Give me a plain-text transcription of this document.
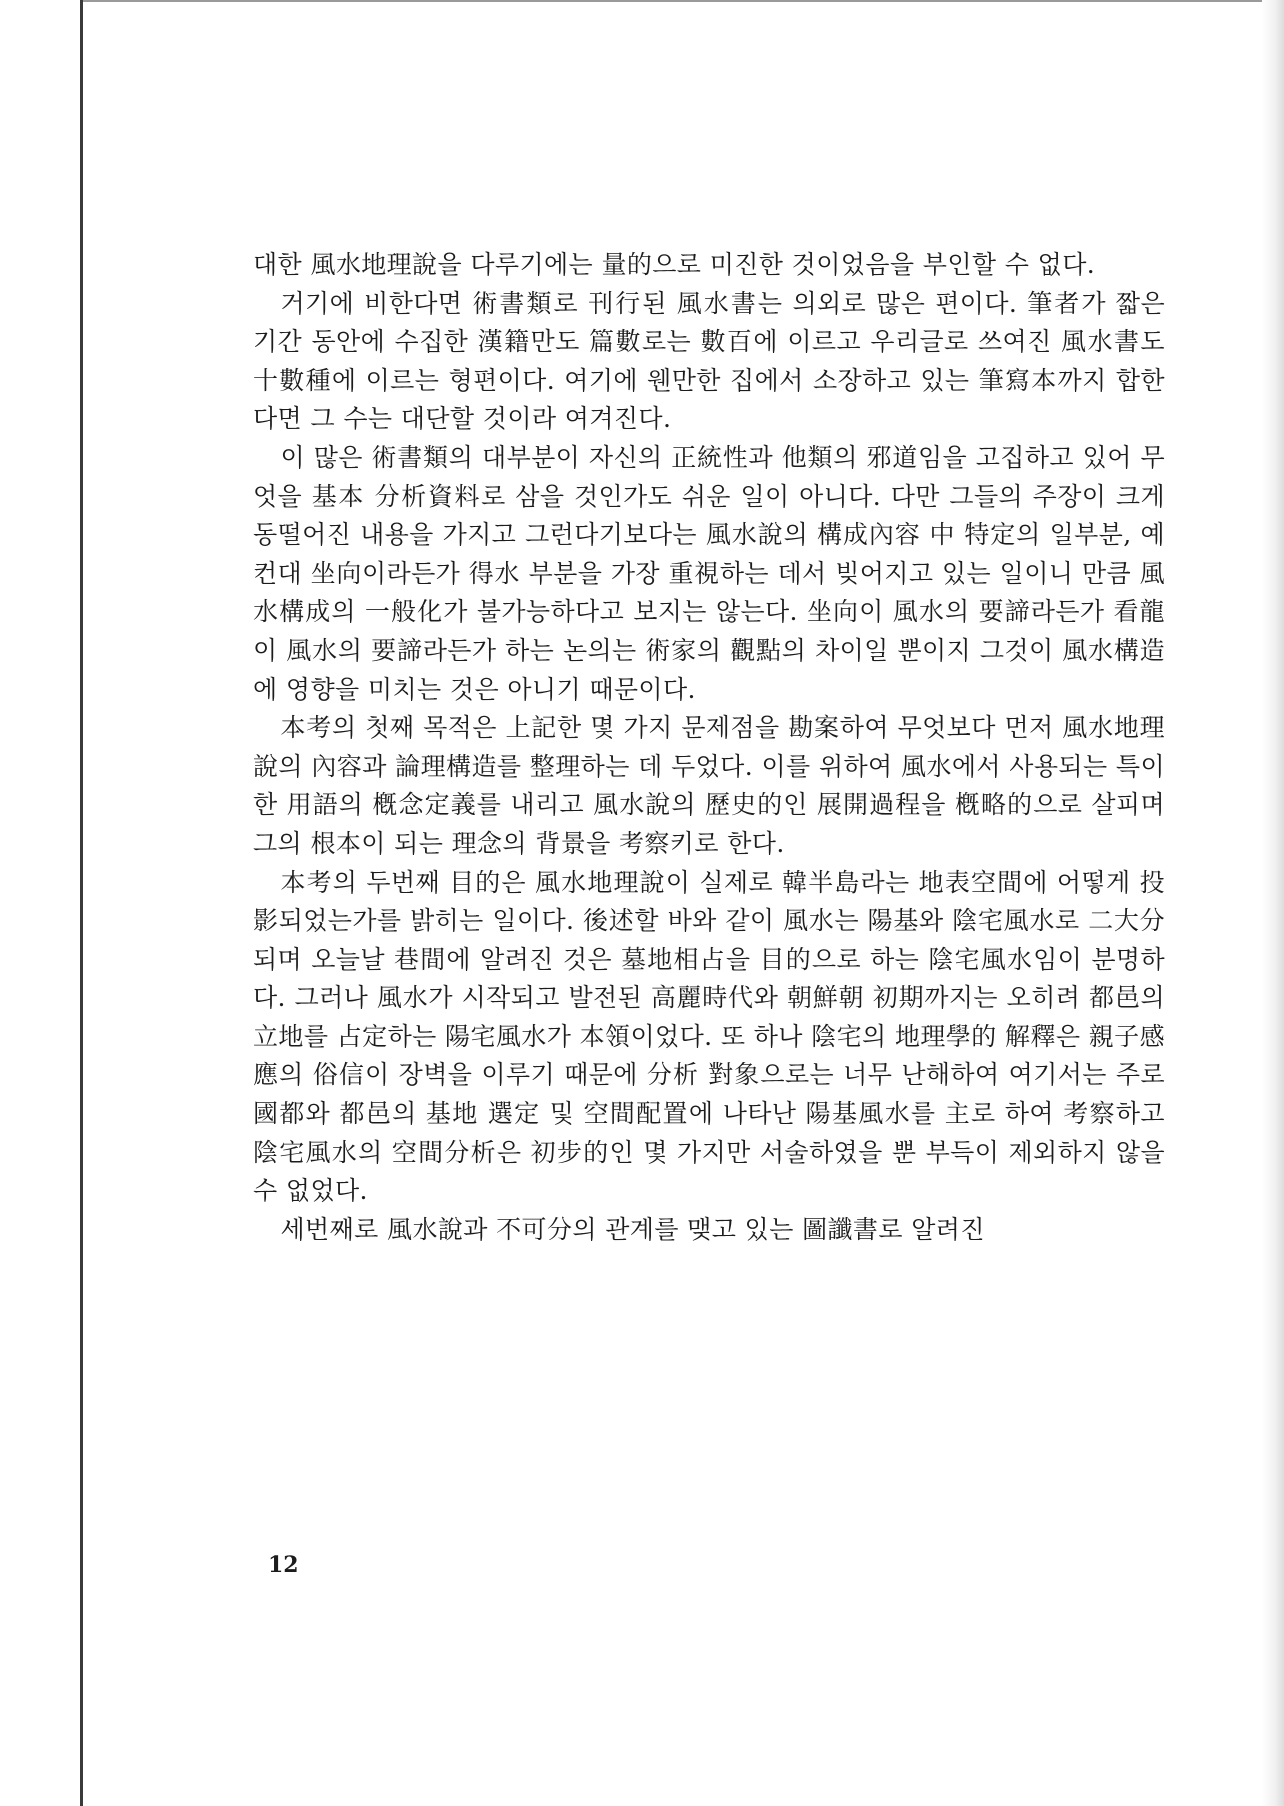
대한 風水地理說을 다루기에는 量的으로 미진한 것이었음을 부인할 수 없다.

거기에 비한다면 術書類로 刊行된 風水書는 의외로 많은 편이다. 筆者가 짧은 기간 동안에 수집한 漢籍만도 篇數로는 數百에 이르고 우리글로 쓰여진 風水書도 十數種에 이르는 형편이다. 여기에 웬만한 집에서 소장하고 있는 筆寫本까지 합한다면 그 수는 대단할 것이라 여겨진다.

이 많은 術書類의 대부분이 자신의 正統性과 他類의 邪道임을 고집하고 있어 무엇을 基本 分析資料로 삼을 것인가도 쉬운 일이 아니다. 다만 그들의 주장이 크게 동떨어진 내용을 가지고 그런다기보다는 風水說의 構成內容 中 特定의 일부분, 예컨대 坐向이라든가 得水 부분을 가장 重視하는 데서 빚어지고 있는 일이니 만큼 風水構成의 一般化가 불가능하다고 보지는 않는다. 坐向이 風水의 要諦라든가 看龍이 風水의 要諦라든가 하는 논의는 術家의 觀點의 차이일 뿐이지 그것이 風水構造에 영향을 미치는 것은 아니기 때문이다.

本考의 첫째 목적은 上記한 몇 가지 문제점을 勘案하여 무엇보다 먼저 風水地理說의 內容과 論理構造를 整理하는 데 두었다. 이를 위하여 風水에서 사용되는 특이한 用語의 槪念定義를 내리고 風水說의 歷史的인 展開過程을 槪略的으로 살피며 그의 根本이 되는 理念의 背景을 考察키로 한다.

本考의 두번째 目的은 風水地理說이 실제로 韓半島라는 地表空間에 어떻게 投影되었는가를 밝히는 일이다. 後述할 바와 같이 風水는 陽基와 陰宅風水로 二大分되며 오늘날 巷間에 알려진 것은 墓地相占을 目的으로 하는 陰宅風水임이 분명하다. 그러나 風水가 시작되고 발전된 高麗時代와 朝鮮朝 初期까지는 오히려 都邑의 立地를 占定하는 陽宅風水가 本領이었다. 또 하나 陰宅의 地理學的 解釋은 親子感應의 俗信이 장벽을 이루기 때문에 分析 對象으로는 너무 난해하여 여기서는 주로 國都와 都邑의 基地 選定 및 空間配置에 나타난 陽基風水를 主로 하여 考察하고 陰宅風水의 空間分析은 初步的인 몇 가지만 서술하였을 뿐 부득이 제외하지 않을 수 없었다.

세번째로 風水說과 不可分의 관계를 맺고 있는 圖讖書로 알려진

12
